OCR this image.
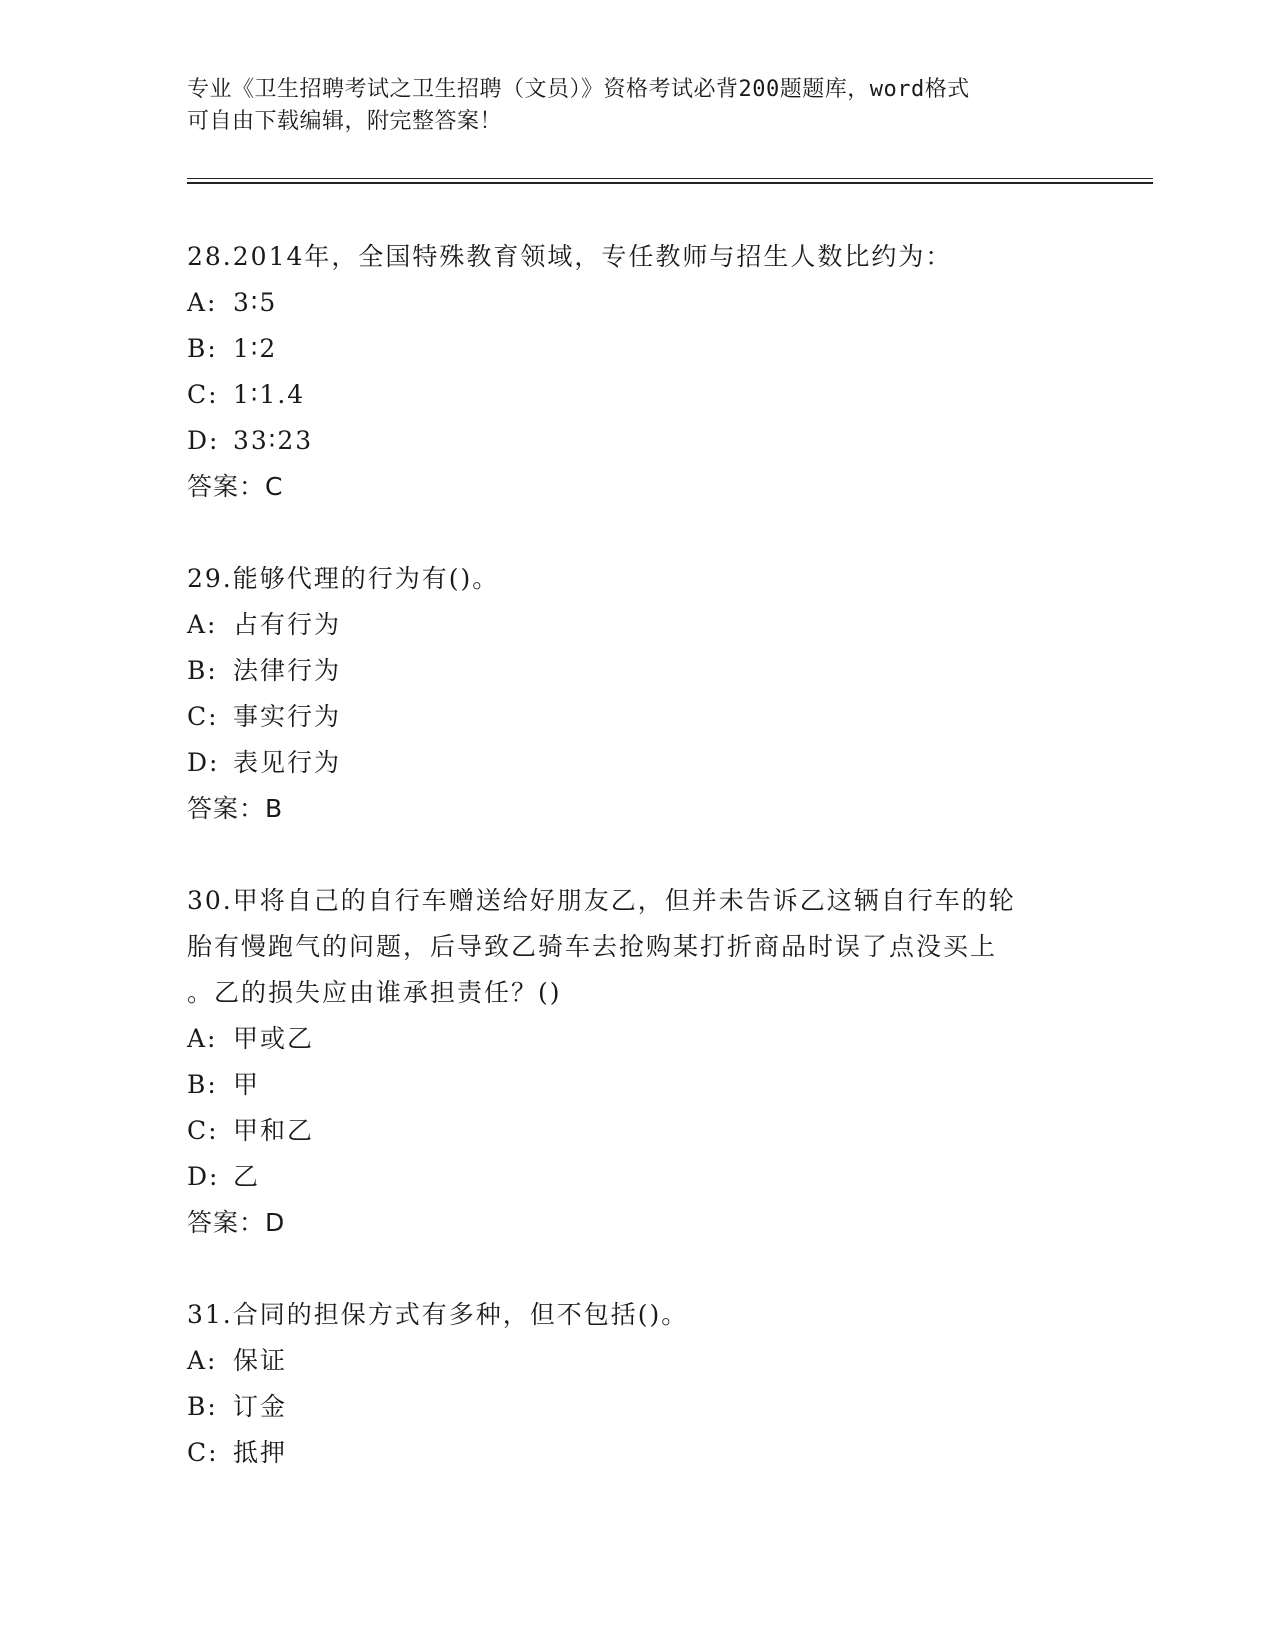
专业《卫生招聘考试之卫生招聘（文员）》资格考试必背200题题库，word格式
可自由下载编辑，附完整答案！
28.2014年，全国特殊教育领域，专任教师与招生人数比约为：
A: 3∶5
B: 1∶2
C: 1∶1.4
D: 33∶23
答案：C
29.能够代理的行为有()。
A: 占有行为
B: 法律行为
C: 事实行为
D: 表见行为
答案：B
30.甲将自己的自行车赠送给好朋友乙，但并未告诉乙这辆自行车的轮
胎有慢跑气的问题，后导致乙骑车去抢购某打折商品时误了点没买上
。乙的损失应由谁承担责任？()
A: 甲或乙
B: 甲
C: 甲和乙
D: 乙
答案：D
31.合同的担保方式有多种，但不包括()。
A: 保证
B: 订金
C: 抵押
